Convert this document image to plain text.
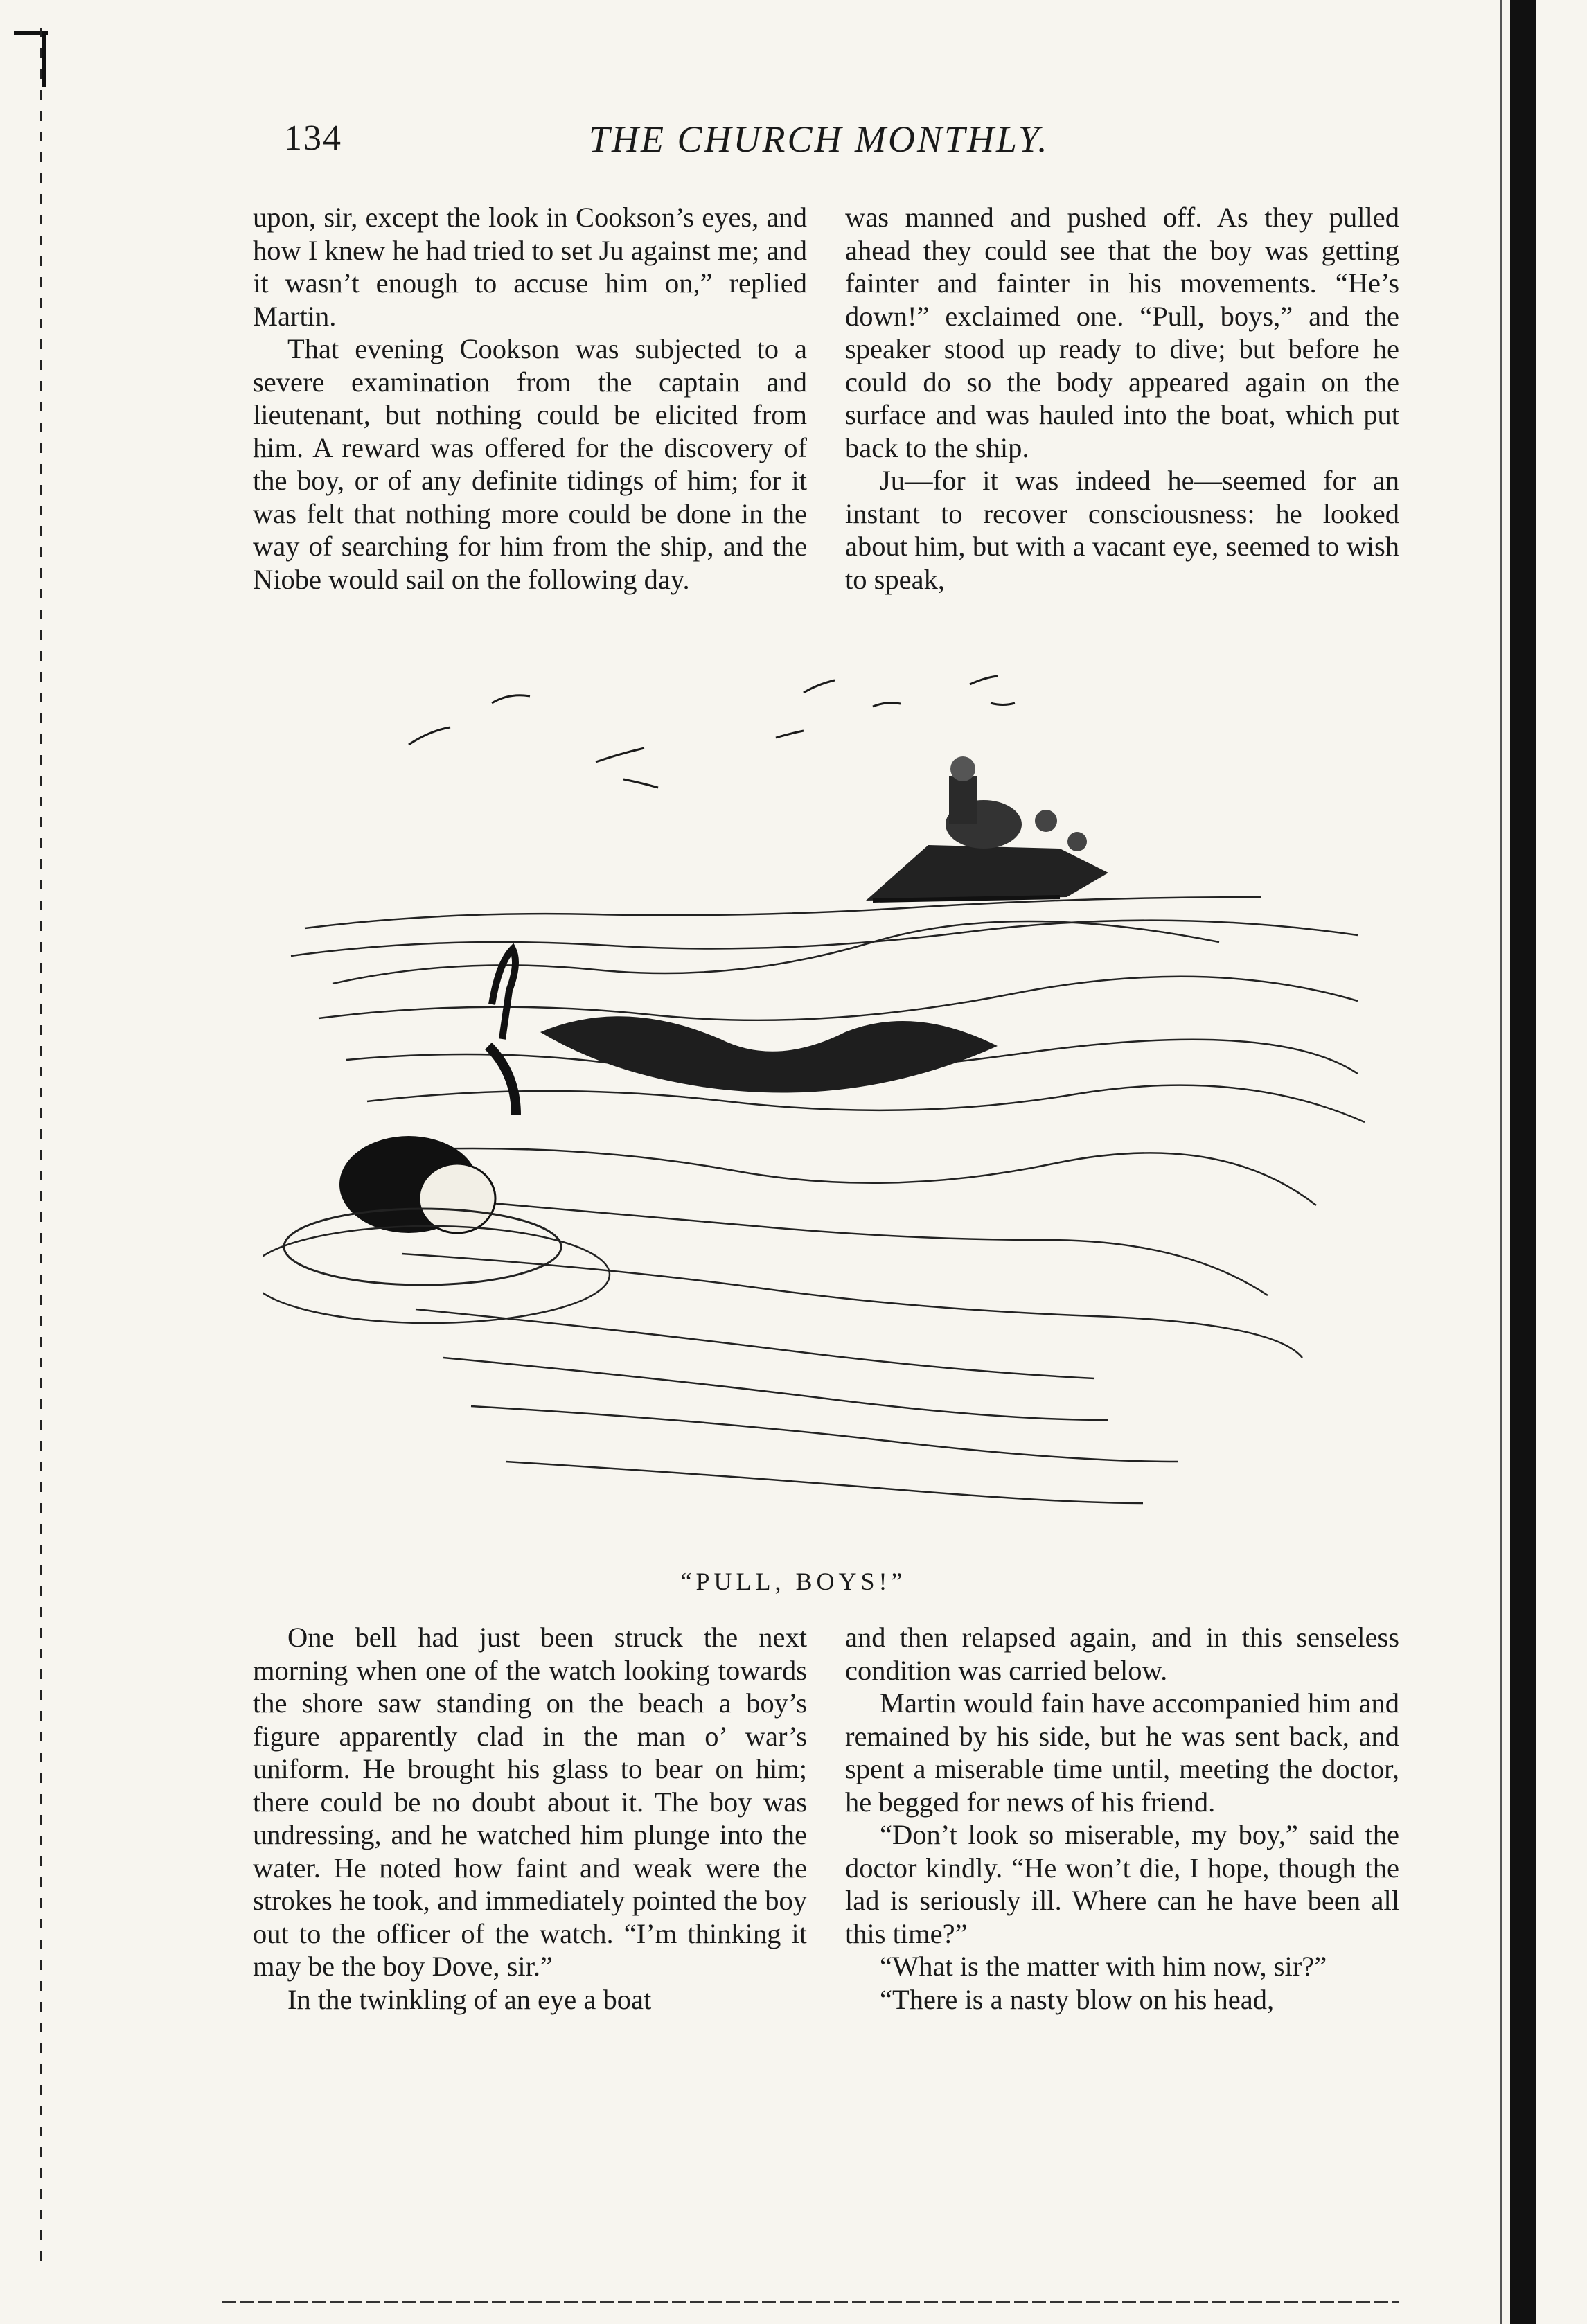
134	THE CHURCH MONTHLY.

upon, sir, except the look in Cookson’s eyes, and how I knew he had tried to set Ju against me; and it wasn’t enough to accuse him on,” replied Martin.

That evening Cookson was subjected to a severe examination from the captain and lieutenant, but nothing could be elicited from him. A reward was offered for the discovery of the boy, or of any definite tidings of him; for it was felt that nothing more could be done in the way of searching for him from the ship, and the Niobe would sail on the following day.

was manned and pushed off. As they pulled ahead they could see that the boy was getting fainter and fainter in his movements. “He’s down!” exclaimed one. “Pull, boys,” and the speaker stood up ready to dive; but before he could do so the body appeared again on the surface and was hauled into the boat, which put back to the ship.

Ju—for it was indeed he—seemed for an instant to recover consciousness: he looked about him, but with a vacant eye, seemed to wish to speak,

“PULL, BOYS!”

One bell had just been struck the next morning when one of the watch looking towards the shore saw standing on the beach a boy’s figure apparently clad in the man o’ war’s uniform. He brought his glass to bear on him; there could be no doubt about it. The boy was undressing, and he watched him plunge into the water. He noted how faint and weak were the strokes he took, and immediately pointed the boy out to the officer of the watch. “I’m thinking it may be the boy Dove, sir.”

In the twinkling of an eye a boat

and then relapsed again, and in this senseless condition was carried below.

Martin would fain have accompanied him and remained by his side, but he was sent back, and spent a miserable time until, meeting the doctor, he begged for news of his friend.

“Don’t look so miserable, my boy,” said the doctor kindly. “He won’t die, I hope, though the lad is seriously ill. Where can he have been all this time?”

“What is the matter with him now, sir?”

“There is a nasty blow on his head,
